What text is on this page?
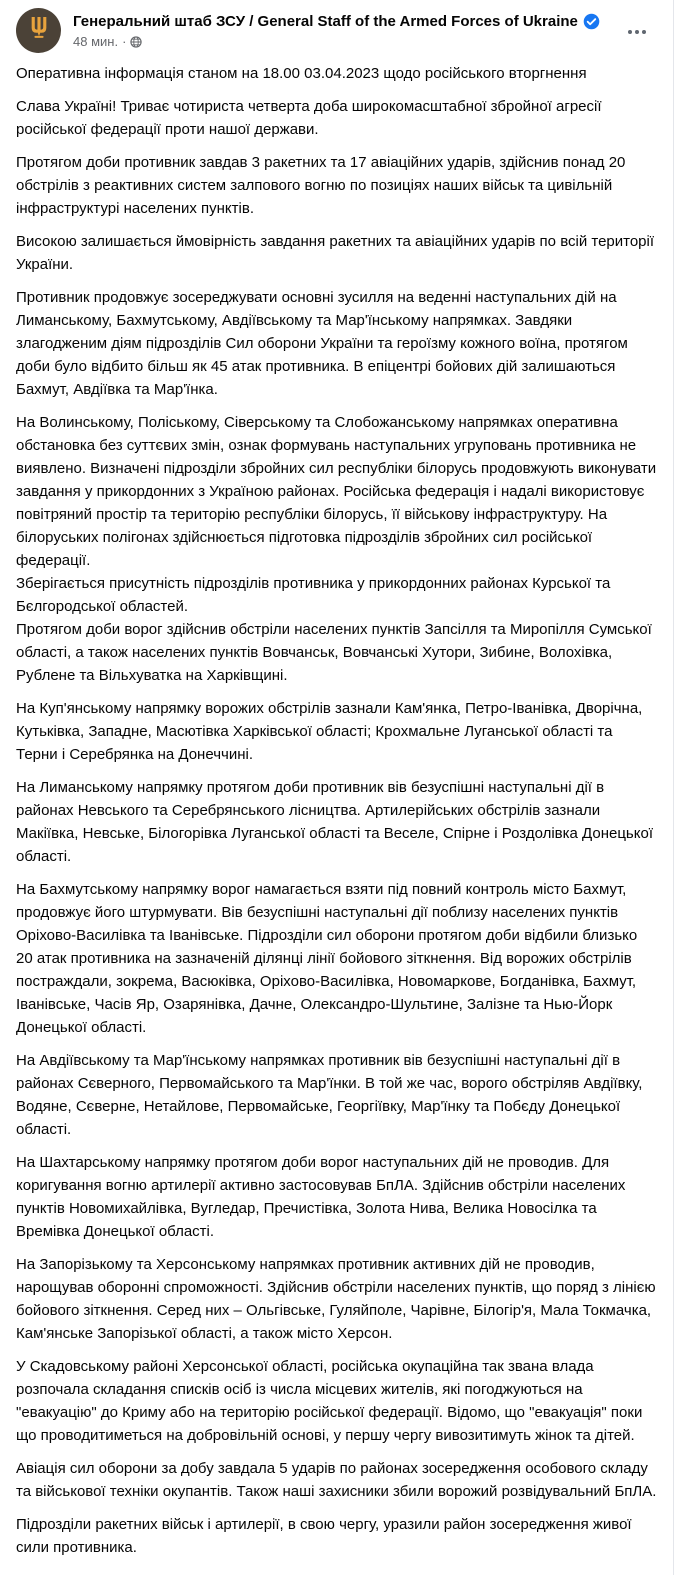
Генеральний штаб ЗСУ / General Staff of the Armed Forces of Ukraine
48 мин. ·

Оперативна інформація станом на 18.00 03.04.2023 щодо російського вторгнення

Слава Україні! Триває чотириста четверта доба широкомасштабної збройної агресії російської федерації проти нашої держави.

Протягом доби противник завдав 3 ракетних та 17 авіаційних ударів, здійснив понад 20 обстрілів з реактивних систем залпового вогню по позиціях наших військ та цивільній інфраструктурі населених пунктів.

Високою залишається ймовірність завдання ракетних та авіаційних ударів по всій території України.

Противник продовжує зосереджувати основні зусилля на веденні наступальних дій на Лиманському, Бахмутському, Авдіївському та Мар'їнському напрямках. Завдяки злагодженим діям підрозділів Сил оборони України та героїзму кожного воїна, протягом доби було відбито більш як 45 атак противника. В епіцентрі бойових дій залишаються Бахмут, Авдіївка та Мар'їнка.

На Волинському, Поліському, Сіверському та Слобожанському напрямках оперативна обстановка без суттєвих змін, ознак формувань наступальних угруповань противника не виявлено. Визначені підрозділи збройних сил республіки білорусь продовжують виконувати завдання у прикордонних з Україною районах. Російська федерація і надалі використовує повітряний простір та територію республіки білорусь, її військову інфраструктуру. На білоруських полігонах здійснюється підготовка підрозділів збройних сил російської федерації.

Зберігається присутність підрозділів противника у прикордонних районах Курської та Бєлгородської областей.

Протягом доби ворог здійснив обстріли населених пунктів Запсілля та Миропілля Сумської області, а також населених пунктів Вовчанськ, Вовчанські Хутори, Зибине, Волохівка, Рублене та Вільхуватка на Харківщині.

На Куп'янському напрямку ворожих обстрілів зазнали Кам'янка, Петро-Іванівка, Дворічна, Кутьківка, Западне, Масютівка Харківської області; Крохмальне Луганської області та Терни і Серебрянка на Донеччині.

На Лиманському напрямку протягом доби противник вів безуспішні наступальні дії в районах Невського та Серебрянського лісництва. Артилерійських обстрілів зазнали Макіївка, Невське, Білогорівка Луганської області та Веселе, Спірне і Роздолівка Донецької області.

На Бахмутському напрямку ворог намагається взяти під повний контроль місто Бахмут, продовжує його штурмувати. Вів безуспішні наступальні дії поблизу населених пунктів Оріхово-Василівка та Іванівське. Підрозділи сил оборони протягом доби відбили близько 20 атак противника на зазначеній ділянці лінії бойового зіткнення. Від ворожих обстрілів постраждали, зокрема, Васюківка, Оріхово-Василівка, Новомаркове, Богданівка, Бахмут, Іванівське, Часів Яр, Озарянівка, Дачне, Олександро-Шультине, Залізне та Нью-Йорк Донецької області.

На Авдіївському та Мар'їнському напрямках противник вів безуспішні наступальні дії в районах Сєверного, Первомайського та Мар'їнки. В той же час, ворого обстріляв Авдіївку, Водяне, Сєверне, Нетайлове, Первомайське, Георгіївку, Мар'їнку та Побєду Донецької області.

На Шахтарському напрямку протягом доби ворог наступальних дій не проводив. Для коригування вогню артилерії активно застосовував БпЛА. Здійснив обстріли населених пунктів Новомихайлівка, Вугледар, Пречистівка, Золота Нива, Велика Новосілка та Времівка Донецької області.

На Запорізькому та Херсонському напрямках противник активних дій не проводив, нарощував оборонні спроможності. Здійснив обстріли населених пунктів, що поряд з лінією бойового зіткнення. Серед них – Ольгівське, Гуляйполе, Чарівне, Білогір'я, Мала Токмачка, Кам'янське Запорізької області, а також місто Херсон.

У Скадовському районі Херсонської області, російська окупаційна так звана влада розпочала складання списків осіб із числа місцевих жителів, які погоджуються на "евакуацію" до Криму або на територію російської федерації. Відомо, що "евакуація" поки що проводитиметься на добровільній основі, у першу чергу вивозитимуть жінок та дітей.

Авіація сил оборони за добу завдала 5 ударів по районах зосередження особового складу та військової техніки окупантів. Також наші захисники збили ворожий розвідувальний БпЛА.

Підрозділи ракетних військ і артилерії, в свою чергу, уразили район зосередження живої сили противника.
